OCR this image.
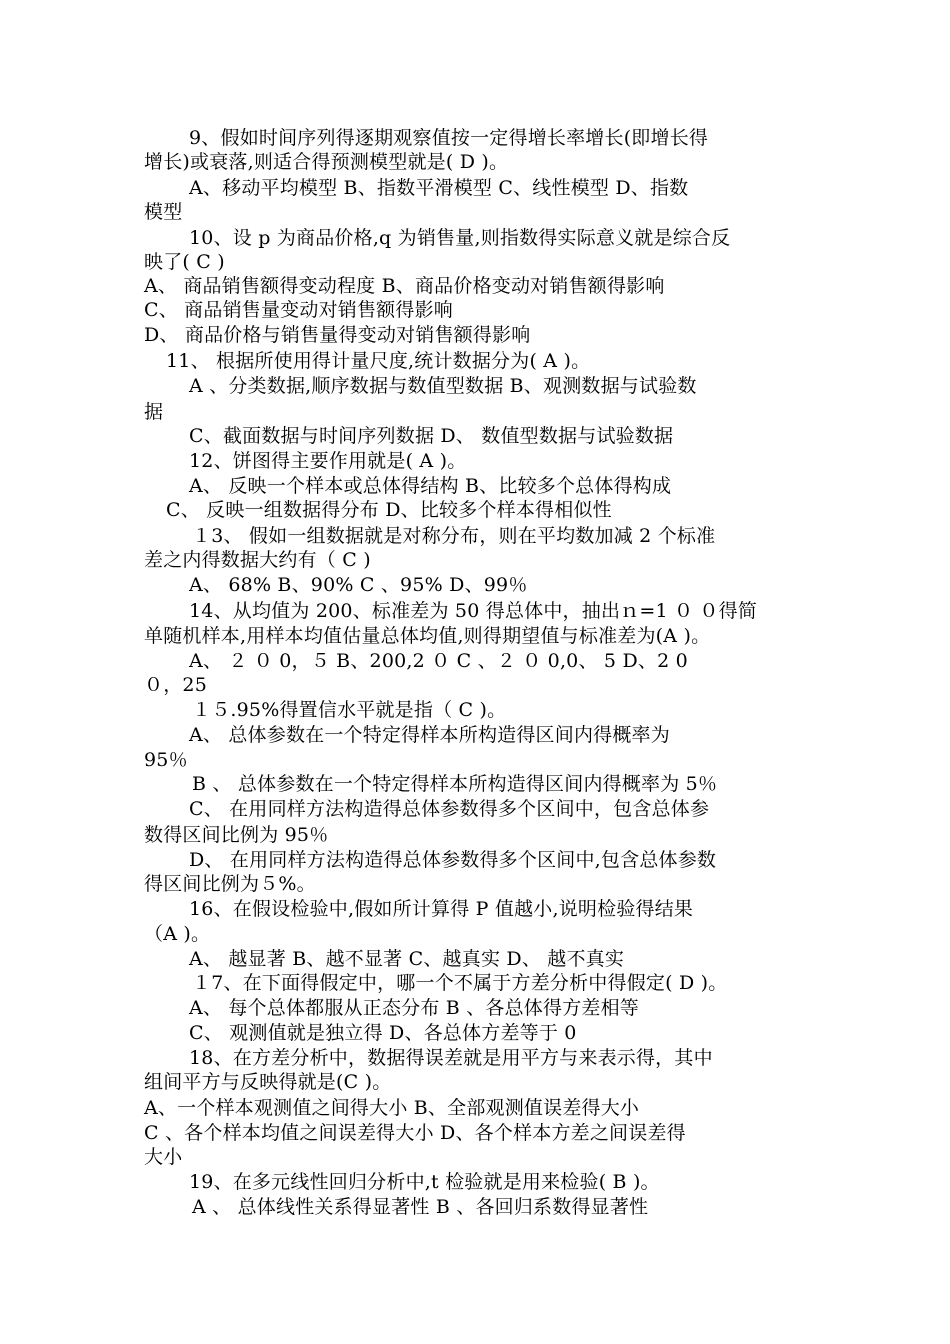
9、假如时间序列得逐期观察值按一定得增长率增长(即增长得
增长)或衰落,则适合得预测模型就是( D )。
A、移动平均模型 B、指数平滑模型 C、线性模型 D、指数
模型
10、设 p 为商品价格,q 为销售量,则指数得实际意义就是综合反
映了( C )
A、 商品销售额得变动程度 B、商品价格变动对销售额得影响
C、 商品销售量变动对销售额得影响
D、 商品价格与销售量得变动对销售额得影响
11、 根据所使用得计量尺度,统计数据分为( A )。
A 、分类数据,顺序数据与数值型数据 B、观测数据与试验数
据
C、截面数据与时间序列数据 D、 数值型数据与试验数据
12、饼图得主要作用就是( A )。
A、 反映一个样本或总体得结构 B、比较多个总体得构成
C、 反映一组数据得分布 D、比较多个样本得相似性
１3、 假如一组数据就是对称分布，则在平均数加减 2 个标准
差之内得数据大约有（ C )
A、 68% B、90% C 、95% D、99％
14、从均值为 200、标准差为 50 得总体中，抽出ｎ=1 ０ ０得简
单随机样本,用样本均值估量总体均值,则得期望值与标准差为(A )。
A、 ２ ０ 0，５ B、200,2 ０ C 、２ ０ 0,0、 5 D、2 0
０，25
１５.95%得置信水平就是指（ C )。
A、 总体参数在一个特定得样本所构造得区间内得概率为
95％
B 、 总体参数在一个特定得样本所构造得区间内得概率为 5％
C、 在用同样方法构造得总体参数得多个区间中，包含总体参
数得区间比例为 95％
D、 在用同样方法构造得总体参数得多个区间中,包含总体参数
得区间比例为５%。
16、在假设检验中,假如所计算得 P 值越小,说明检验得结果
（A )。
A、 越显著 B、越不显著 C、越真实 D、 越不真实
１7、在下面得假定中，哪一个不属于方差分析中得假定( D )。
A、 每个总体都服从正态分布 B 、各总体得方差相等
C、 观测值就是独立得 D、各总体方差等于 0
18、在方差分析中，数据得误差就是用平方与来表示得，其中
组间平方与反映得就是(C )。
A、一个样本观测值之间得大小 B、全部观测值误差得大小
C 、各个样本均值之间误差得大小 D、各个样本方差之间误差得
大小
19、在多元线性回归分析中,t 检验就是用来检验( B )。
A 、 总体线性关系得显著性 B 、各回归系数得显著性
